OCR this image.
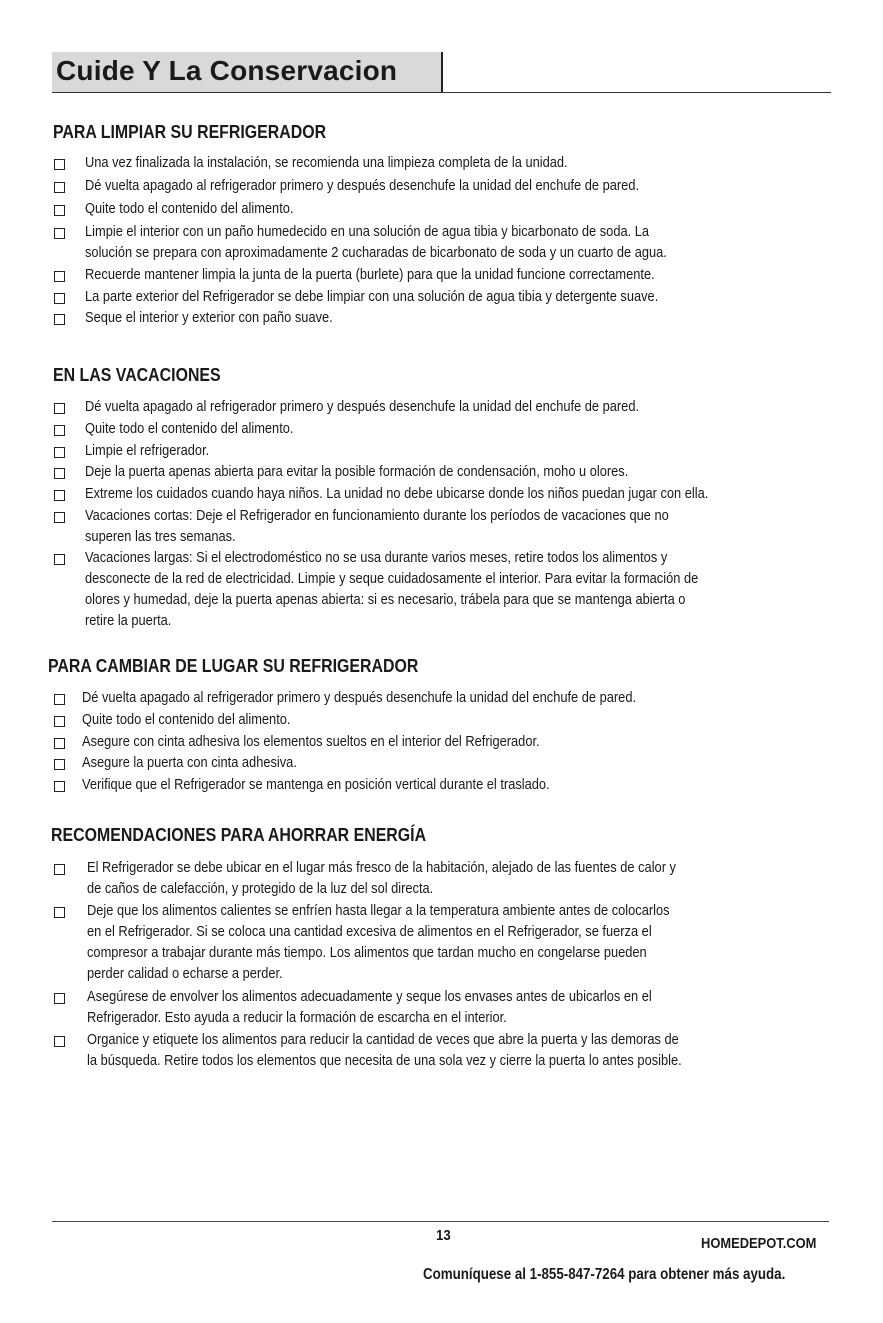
Cuide Y La Conservacion
PARA LIMPIAR SU REFRIGERADOR
Una vez finalizada la instalación, se recomienda una limpieza completa de la unidad.
Dé vuelta apagado al refrigerador primero y después desenchufe la unidad del enchufe de pared.
Quite todo el contenido del alimento.
Limpie el interior con un paño humedecido en una solución de agua tibia y bicarbonato de soda. La
solución se prepara con aproximadamente 2 cucharadas de bicarbonato de soda y un cuarto de agua.
Recuerde mantener limpia la junta de la puerta (burlete) para que la unidad funcione correctamente.
La parte exterior del Refrigerador se debe limpiar con una solución de agua tibia y detergente suave.
Seque el interior y exterior con paño suave.
EN LAS VACACIONES
Dé vuelta apagado al refrigerador primero y después desenchufe la unidad del enchufe de pared.
Quite todo el contenido del alimento.
Limpie el refrigerador.
Deje la puerta apenas abierta para evitar la posible formación de condensación, moho u olores.
Extreme los cuidados cuando haya niños. La unidad no debe ubicarse donde los niños puedan jugar con ella.
Vacaciones cortas: Deje el Refrigerador en funcionamiento durante los períodos de vacaciones que no
superen las tres semanas.
Vacaciones largas: Si el electrodoméstico no se usa durante varios meses, retire todos los alimentos y
desconecte de la red de electricidad. Limpie y seque cuidadosamente el interior. Para evitar la formación de
olores y humedad, deje la puerta apenas abierta: si es necesario, trábela para que se mantenga abierta o
retire la puerta.
PARA CAMBIAR DE LUGAR SU REFRIGERADOR
Dé vuelta apagado al refrigerador primero y después desenchufe la unidad del enchufe de pared.
Quite todo el contenido del alimento.
Asegure con cinta adhesiva los elementos sueltos en el interior del Refrigerador.
Asegure la puerta con cinta adhesiva.
Verifique que el Refrigerador se mantenga en posición vertical durante el traslado.
RECOMENDACIONES PARA AHORRAR ENERGÍA
El Refrigerador se debe ubicar en el lugar más fresco de la habitación, alejado de las fuentes de calor y
de caños de calefacción, y protegido de la luz del sol directa.
Deje que los alimentos calientes se enfríen hasta llegar a la temperatura ambiente antes de colocarlos
en el Refrigerador. Si se coloca una cantidad excesiva de alimentos en el Refrigerador, se fuerza el
compresor a trabajar durante más tiempo. Los alimentos que tardan mucho en congelarse pueden
perder calidad o echarse a perder.
Asegúrese de envolver los alimentos adecuadamente y seque los envases antes de ubicarlos en el
Refrigerador. Esto ayuda a reducir la formación de escarcha en el interior.
Organice y etiquete los alimentos para reducir la cantidad de veces que abre la puerta y las demoras de
la búsqueda. Retire todos los elementos que necesita de una sola vez y cierre la puerta lo antes posible.
13	HOMEDEPOT.COM
Comuníquese al 1-855-847-7264 para obtener más ayuda.
